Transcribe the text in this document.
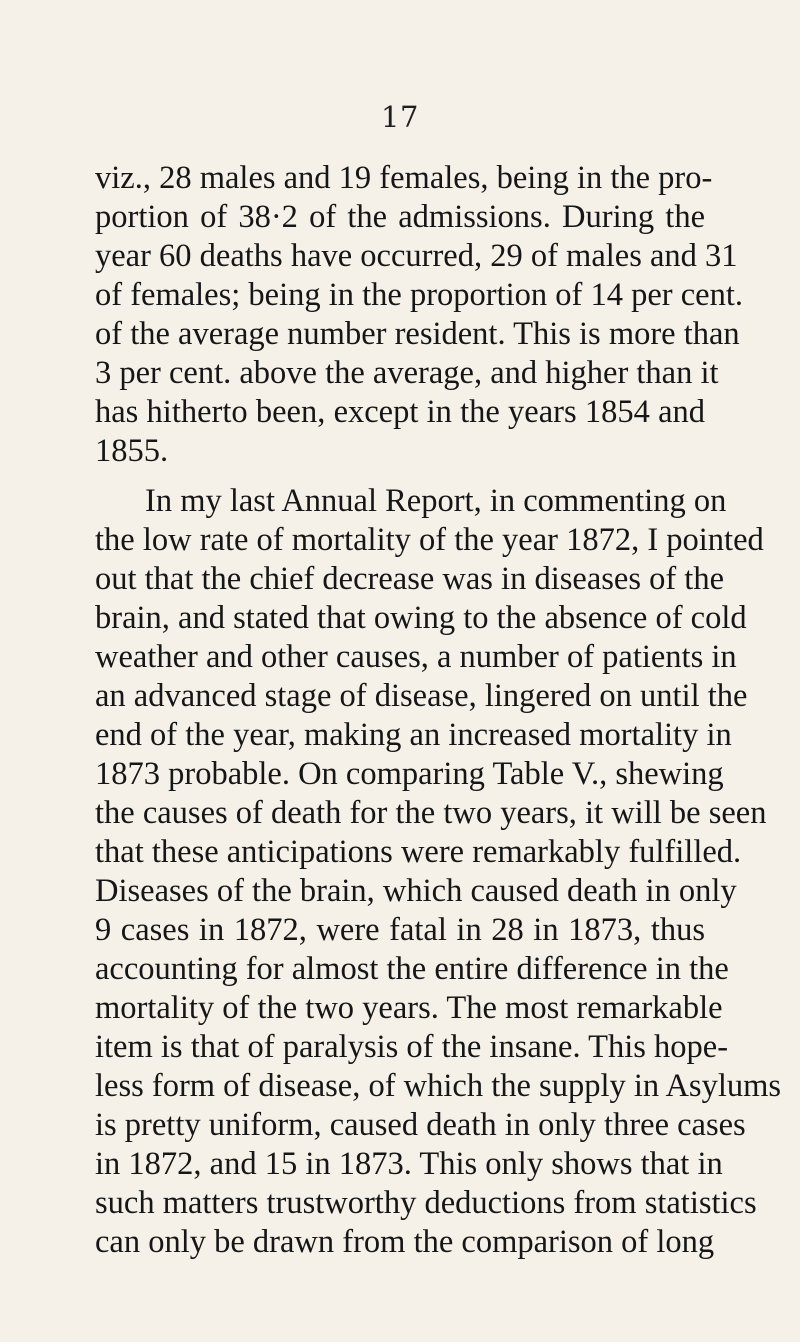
17
viz., 28 males and 19 females, being in the pro-
portion of 38·2 of the admissions. During the
year 60 deaths have occurred, 29 of males and 31
of females; being in the proportion of 14 per cent.
of the average number resident. This is more than
3 per cent. above the average, and higher than it
has hitherto been, except in the years 1854 and
1855.
In my last Annual Report, in commenting on
the low rate of mortality of the year 1872, I pointed
out that the chief decrease was in diseases of the
brain, and stated that owing to the absence of cold
weather and other causes, a number of patients in
an advanced stage of disease, lingered on until the
end of the year, making an increased mortality in
1873 probable. On comparing Table V., shewing
the causes of death for the two years, it will be seen
that these anticipations were remarkably fulfilled.
Diseases of the brain, which caused death in only
9 cases in 1872, were fatal in 28 in 1873, thus
accounting for almost the entire difference in the
mortality of the two years. The most remarkable
item is that of paralysis of the insane. This hope-
less form of disease, of which the supply in Asylums
is pretty uniform, caused death in only three cases
in 1872, and 15 in 1873. This only shows that in
such matters trustworthy deductions from statistics
can only be drawn from the comparison of long
